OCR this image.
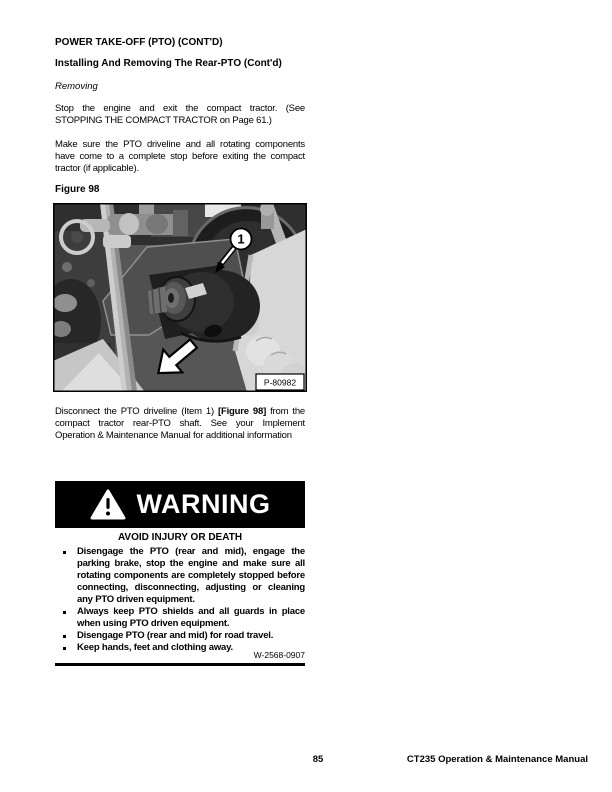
POWER TAKE-OFF (PTO) (CONT'D)
Installing And Removing The Rear-PTO (Cont'd)
Removing
Stop the engine and exit the compact tractor. (See STOPPING THE COMPACT TRACTOR on Page 61.)
Make sure the PTO driveline and all rotating components have come to a complete stop before exiting the compact tractor (if applicable).
Figure 98
1
P-80982
Disconnect the PTO driveline (Item 1) [Figure 98] from the compact tractor rear-PTO shaft. See your Implement Operation & Maintenance Manual for additional information
WARNING
AVOID INJURY OR DEATH
Disengage the PTO (rear and mid), engage the parking brake, stop the engine and make sure all rotating components are completely stopped before connecting, disconnecting, adjusting or cleaning any PTO driven equipment.
Always keep PTO shields and all guards in place when using PTO driven equipment.
Disengage PTO (rear and mid) for road travel.
Keep hands, feet and clothing away.
W-2568-0907
85	CT235 Operation & Maintenance Manual
